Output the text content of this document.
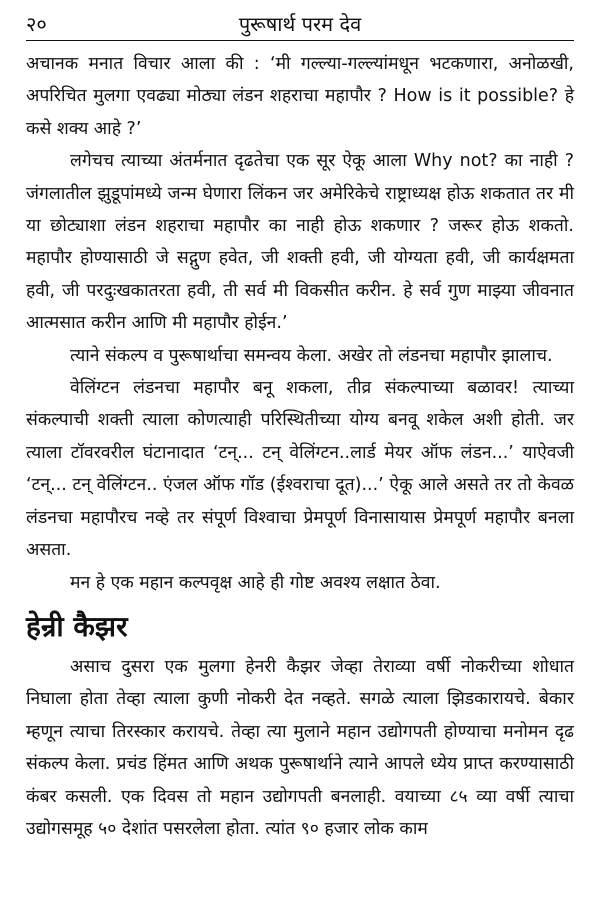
२०	पुरूषार्थ परम देव

अचानक मनात विचार आला की : ‘मी गल्ल्या-गल्ल्यांमधून भटकणारा, अनोळखी, अपरिचित मुलगा एवढ्या मोठ्या लंडन शहराचा महापौर ? How is it possible? हे कसे शक्य आहे ?’

लगेचच त्याच्या अंतर्मनात दृढतेचा एक सूर ऐकू आला Why not? का नाही ? जंगलातील झुडूपांमध्ये जन्म घेणारा लिंकन जर अमेरिकेचे राष्ट्राध्यक्ष होऊ शकतात तर मी या छोट्याशा लंडन शहराचा महापौर का नाही होऊ शकणार ? जरूर होऊ शकतो. महापौर होण्यासाठी जे सद्गुण हवेत, जी शक्ती हवी, जी योग्यता हवी, जी कार्यक्षमता हवी, जी परदुःखकातरता हवी, ती सर्व मी विकसीत करीन. हे सर्व गुण माझ्या जीवनात आत्मसात करीन आणि मी महापौर होईन.’

त्याने संकल्प व पुरूषार्थाचा समन्वय केला. अखेर तो लंडनचा महापौर झालाच.

वेलिंग्टन लंडनचा महापौर बनू शकला, तीव्र संकल्पाच्या बळावर! त्याच्या संकल्पाची शक्ती त्याला कोणत्याही परिस्थितीच्या योग्य बनवू शकेल अशी होती. जर त्याला टॉवरवरील घंटानादात ‘टन्... टन् वेलिंग्टन..लार्ड मेयर ऑफ लंडन...’ याऐवजी ‘टन्... टन् वेलिंग्टन.. एंजल ऑफ गॉड (ईश्वराचा दूत)...’ ऐकू आले असते तर तो केवळ लंडनचा महापौरच नव्हे तर संपूर्ण विश्वाचा प्रेमपूर्ण विनासायास प्रेमपूर्ण महापौर बनला असता.

मन हे एक महान कल्पवृक्ष आहे ही गोष्ट अवश्य लक्षात ठेवा.

हेन्री कैझर

असाच दुसरा एक मुलगा हेनरी कैझर जेव्हा तेराव्या वर्षी नोकरीच्या शोधात निघाला होता तेव्हा त्याला कुणी नोकरी देत नव्हते. सगळे त्याला झिडकारायचे. बेकार म्हणून त्याचा तिरस्कार करायचे. तेव्हा त्या मुलाने महान उद्योगपती होण्याचा मनोमन दृढ संकल्प केला. प्रचंड हिंमत आणि अथक पुरूषार्थाने त्याने आपले ध्येय प्राप्त करण्यासाठी कंबर कसली. एक दिवस तो महान उद्योगपती बनलाही. वयाच्या ८५ व्या वर्षी त्याचा उद्योगसमूह ५० देशांत पसरलेला होता. त्यांत ९० हजार लोक काम
